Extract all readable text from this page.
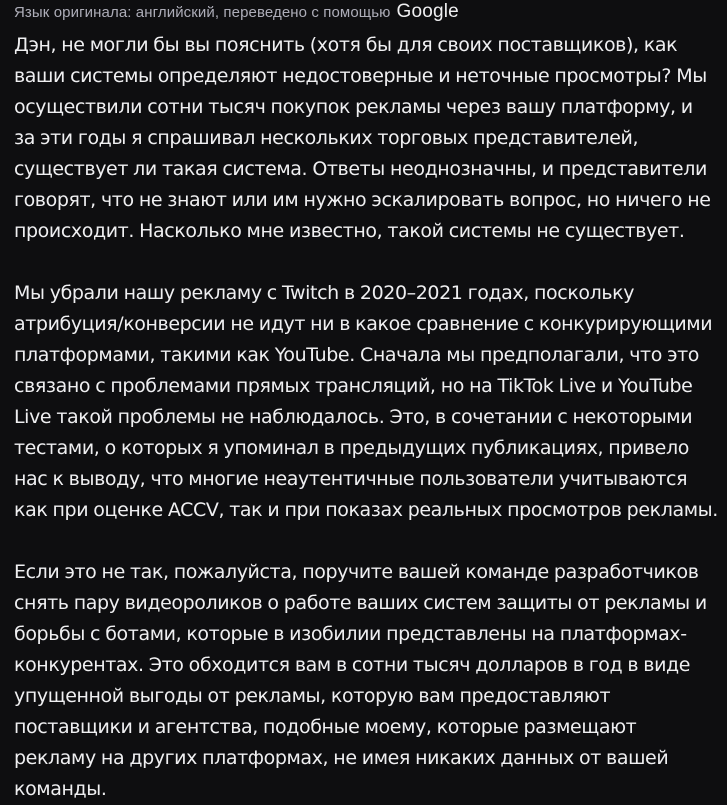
Язык оригинала: английский, переведено с помощью Google

Дэн, не могли бы вы пояснить (хотя бы для своих поставщиков), как ваши системы определяют недостоверные и неточные просмотры? Мы осуществили сотни тысяч покупок рекламы через вашу платформу, и за эти годы я спрашивал нескольких торговых представителей, существует ли такая система. Ответы неоднозначны, и представители говорят, что не знают или им нужно эскалировать вопрос, но ничего не происходит. Насколько мне известно, такой системы не существует.

Мы убрали нашу рекламу с Twitch в 2020–2021 годах, поскольку атрибуция/конверсии не идут ни в какое сравнение с конкурирующими платформами, такими как YouTube. Сначала мы предполагали, что это связано с проблемами прямых трансляций, но на TikTok Live и YouTube Live такой проблемы не наблюдалось. Это, в сочетании с некоторыми тестами, о которых я упоминал в предыдущих публикациях, привело нас к выводу, что многие неаутентичные пользователи учитываются как при оценке ACCV, так и при показах реальных просмотров рекламы.

Если это не так, пожалуйста, поручите вашей команде разработчиков снять пару видеороликов о работе ваших систем защиты от рекламы и борьбы с ботами, которые в изобилии представлены на платформах-конкурентах. Это обходится вам в сотни тысяч долларов в год в виде упущенной выгоды от рекламы, которую вам предоставляют поставщики и агентства, подобные моему, которые размещают рекламу на других платформах, не имея никаких данных от вашей команды.
